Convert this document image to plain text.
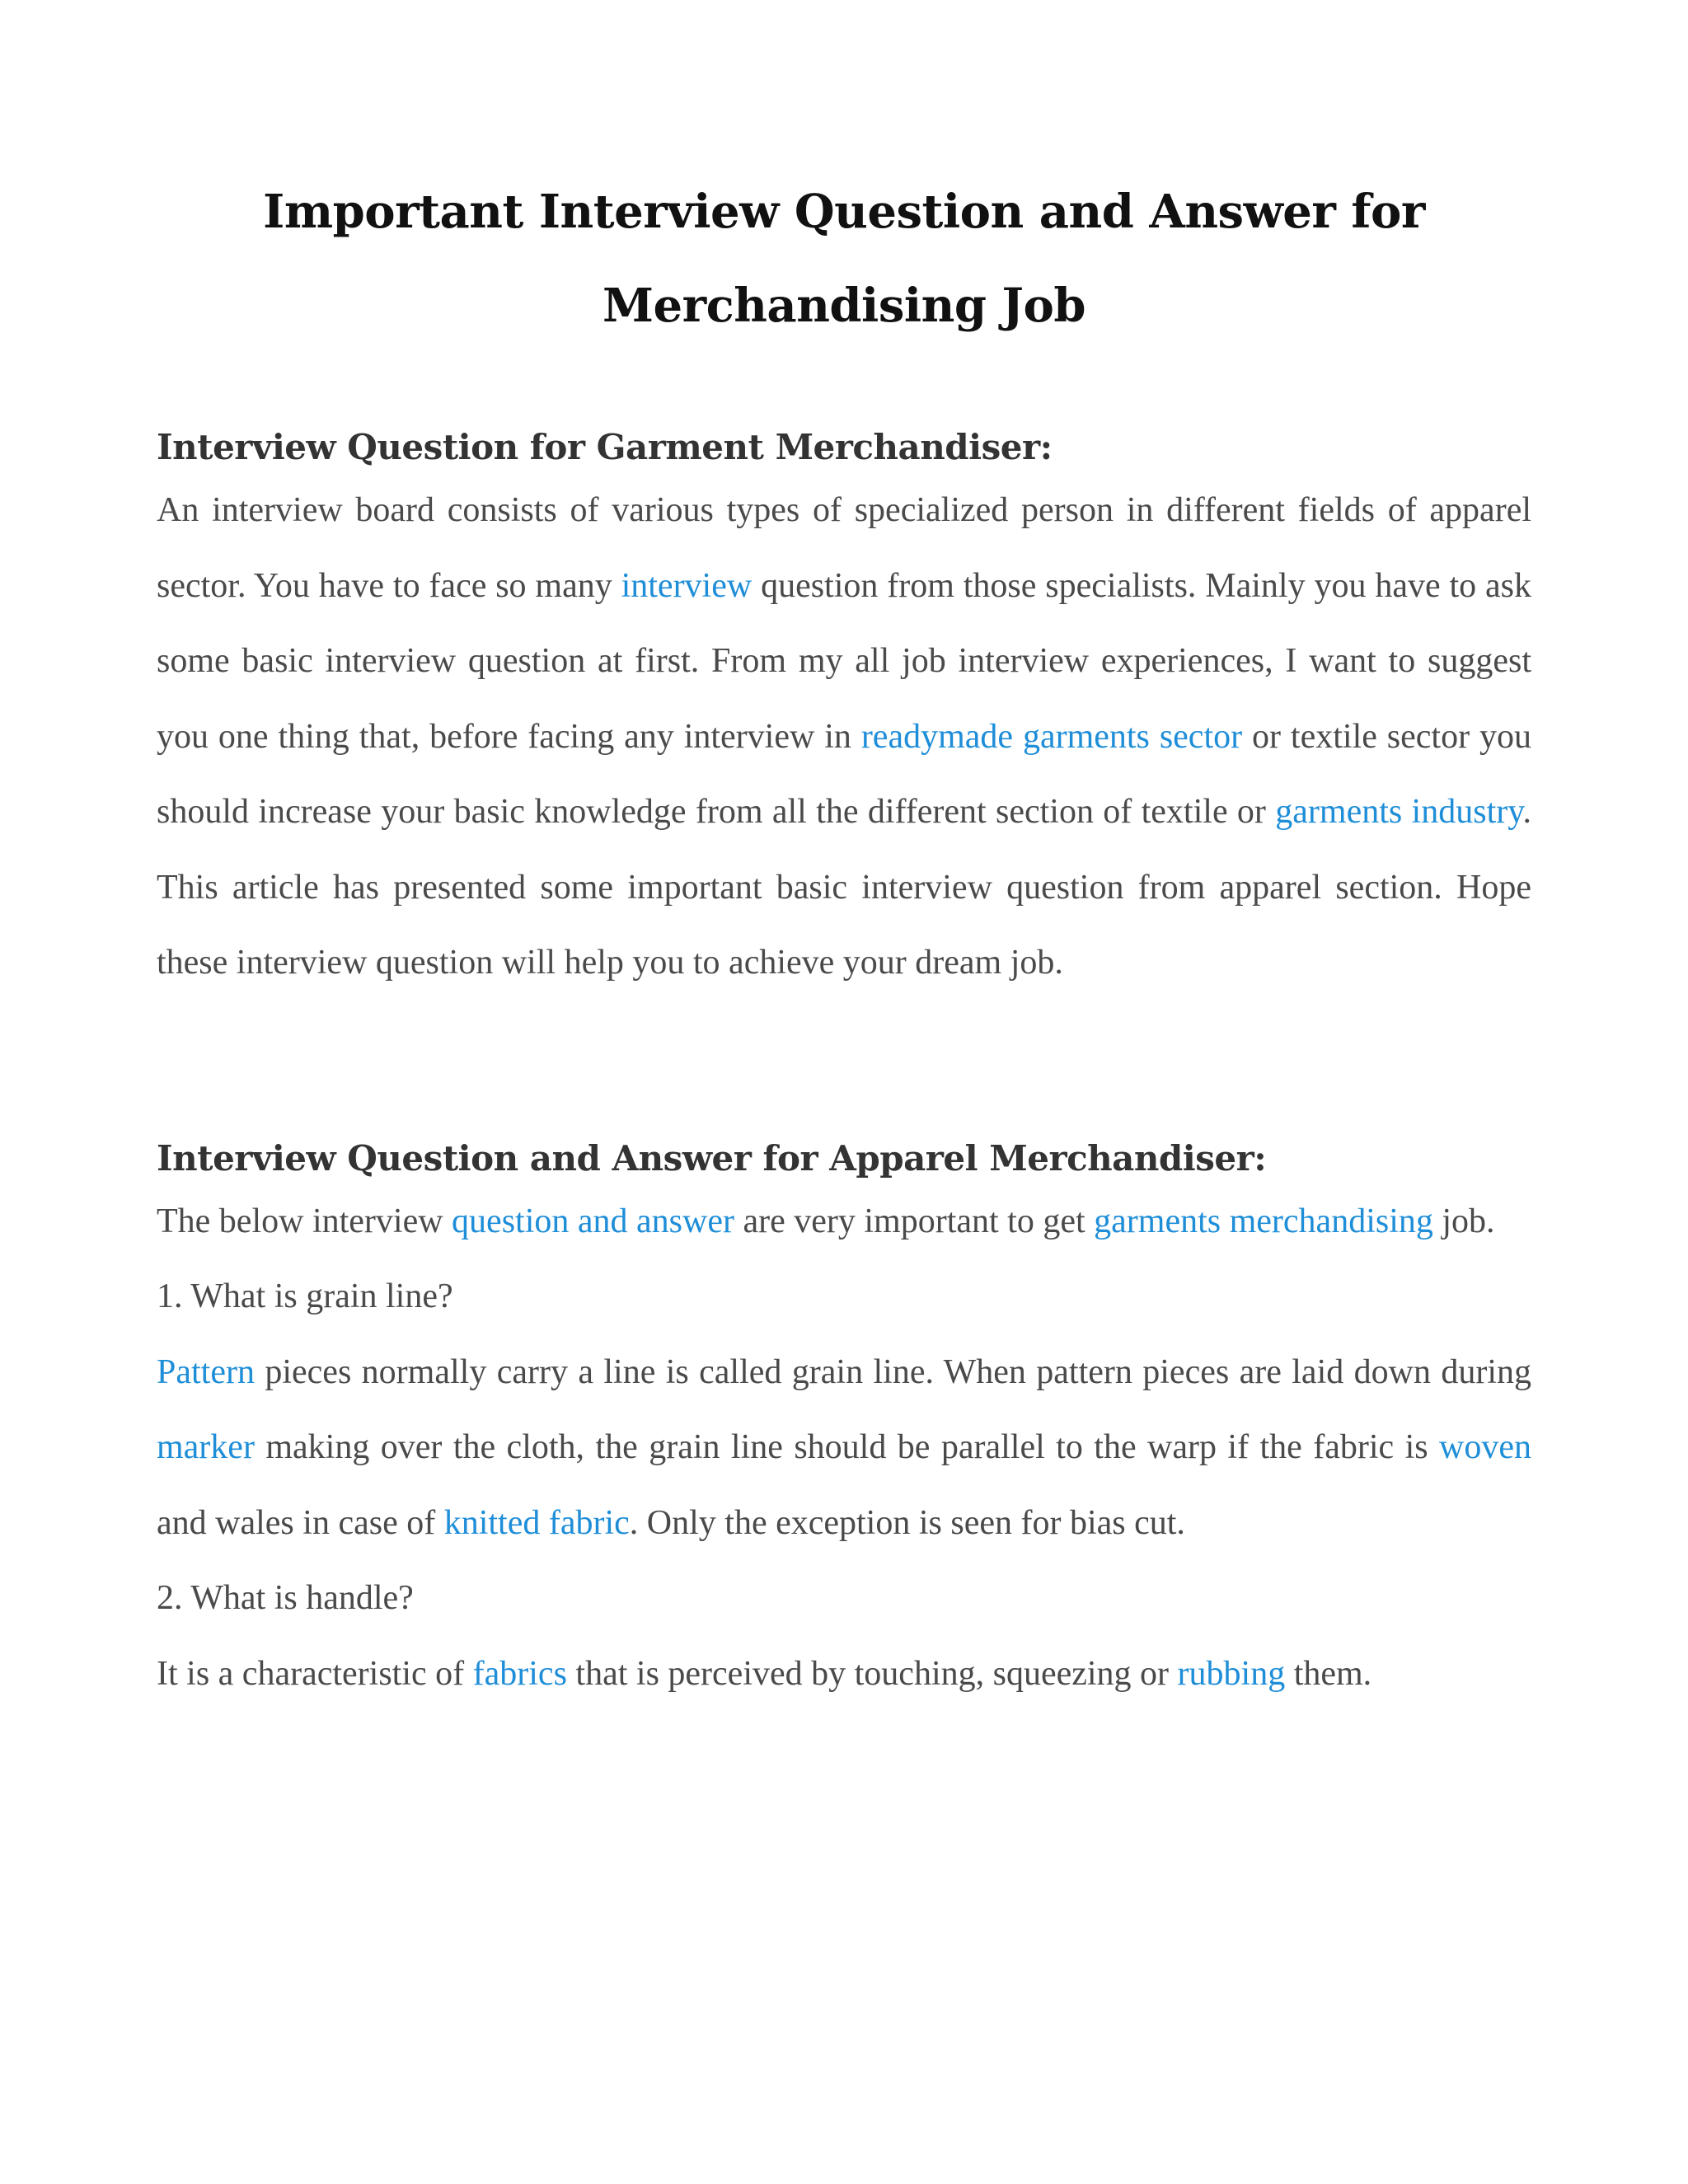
Important Interview Question and Answer for
Merchandising Job
Interview Question for Garment Merchandiser:

An interview board consists of various types of specialized person in different fields of apparel sector. You have to face so many interview question from those specialists. Mainly you have to ask some basic interview question at first. From my all job interview experiences, I want to suggest you one thing that, before facing any interview in readymade garments sector or textile sector you should increase your basic knowledge from all the different section of textile or garments industry. This article has presented some important basic interview question from apparel section. Hope these interview question will help you to achieve your dream job.

Interview Question and Answer for Apparel Merchandiser:

The below interview question and answer are very important to get garments merchandising job.

1. What is grain line?

Pattern pieces normally carry a line is called grain line. When pattern pieces are laid down during marker making over the cloth, the grain line should be parallel to the warp if the fabric is woven and wales in case of knitted fabric. Only the exception is seen for bias cut.

2. What is handle?

It is a characteristic of fabrics that is perceived by touching, squeezing or rubbing them.
